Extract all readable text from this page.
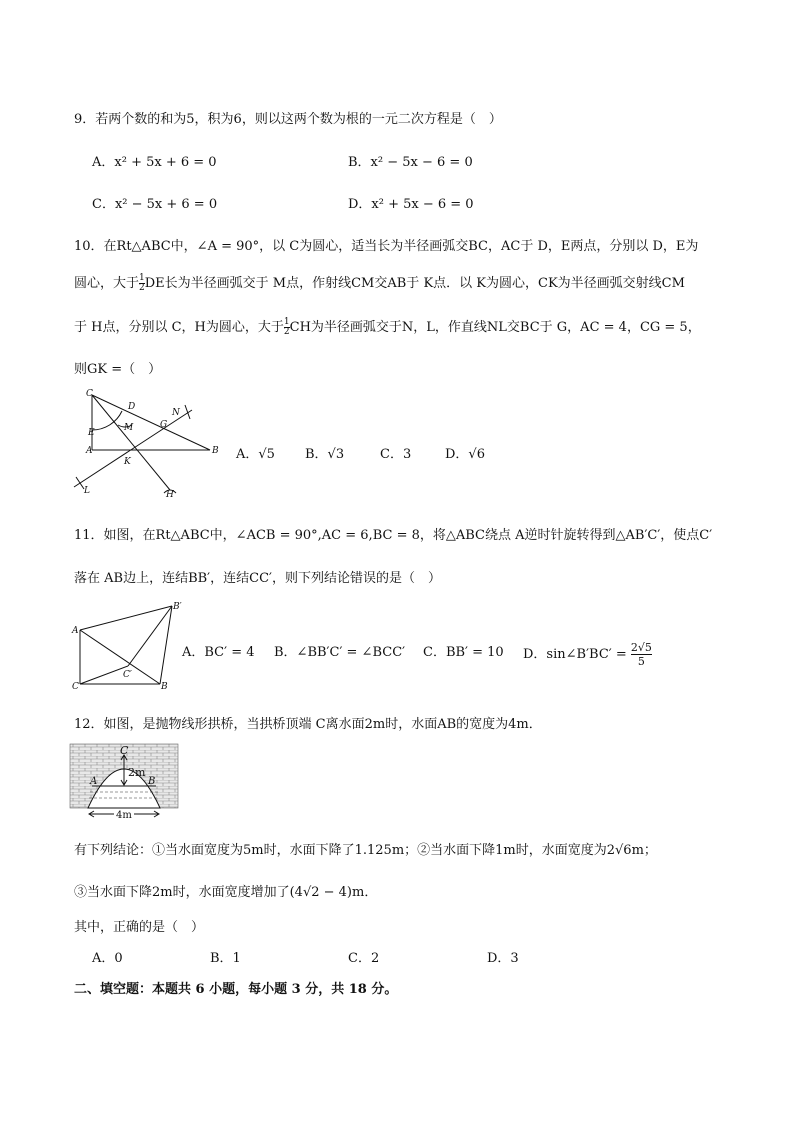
9．若两个数的和为5，积为6，则以这两个数为根的一元二次方程是（　）
A．x² + 5x + 6 = 0	B．x² − 5x − 6 = 0
C．x² − 5x + 6 = 0	D．x² + 5x − 6 = 0
10．在Rt△ABC中，∠A = 90°，以 C为圆心，适当长为半径画弧交BC，AC于 D，E两点，分别以 D，E为
圆心，大于 $\frac{1}{2}$ DE长为半径画弧交于 M点，作射线CM交AB于 K点．以 K为圆心，CK为半径画弧交射线CM
于 H点，分别以 C，H为圆心，大于 $\frac{1}{2}$ CH为半径画弧交于N，L，作直线NL交BC于 G，AC = 4，CG = 5，
则GK =（　）
C
D
N
M	G
E
A
K
B
L	H
A．√5 B．√3	C．3	D．√6
11．如图，在Rt△ABC中，∠ACB = 90°,AC = 6,BC = 8，将△ABC绕点 A逆时针旋转得到△AB′C′，使点C′
落在 AB边上，连结BB′，连结CC′，则下列结论错误的是（　）
A
B′
C′
C	B
A．BC′ = 4 B．∠BB′C′ = ∠BCC′ C．BB′ = 10 D．sin∠B′BC′ = $\frac{2√5}{5}$
12．如图，是抛物线形拱桥，当拱桥顶端 C离水面2m时，水面AB的宽度为4m．
C
2m
A	B
4m
有下列结论：①当水面宽度为5m时，水面下降了1.125m；②当水面下降1m时，水面宽度为2√6m；
③当水面下降2m时，水面宽度增加了(4√2 − 4)m．
其中，正确的是（　）
A．0	B．1	C．2	D．3
二、填空题：本题共 6 小题，每小题 3 分，共 18 分。
